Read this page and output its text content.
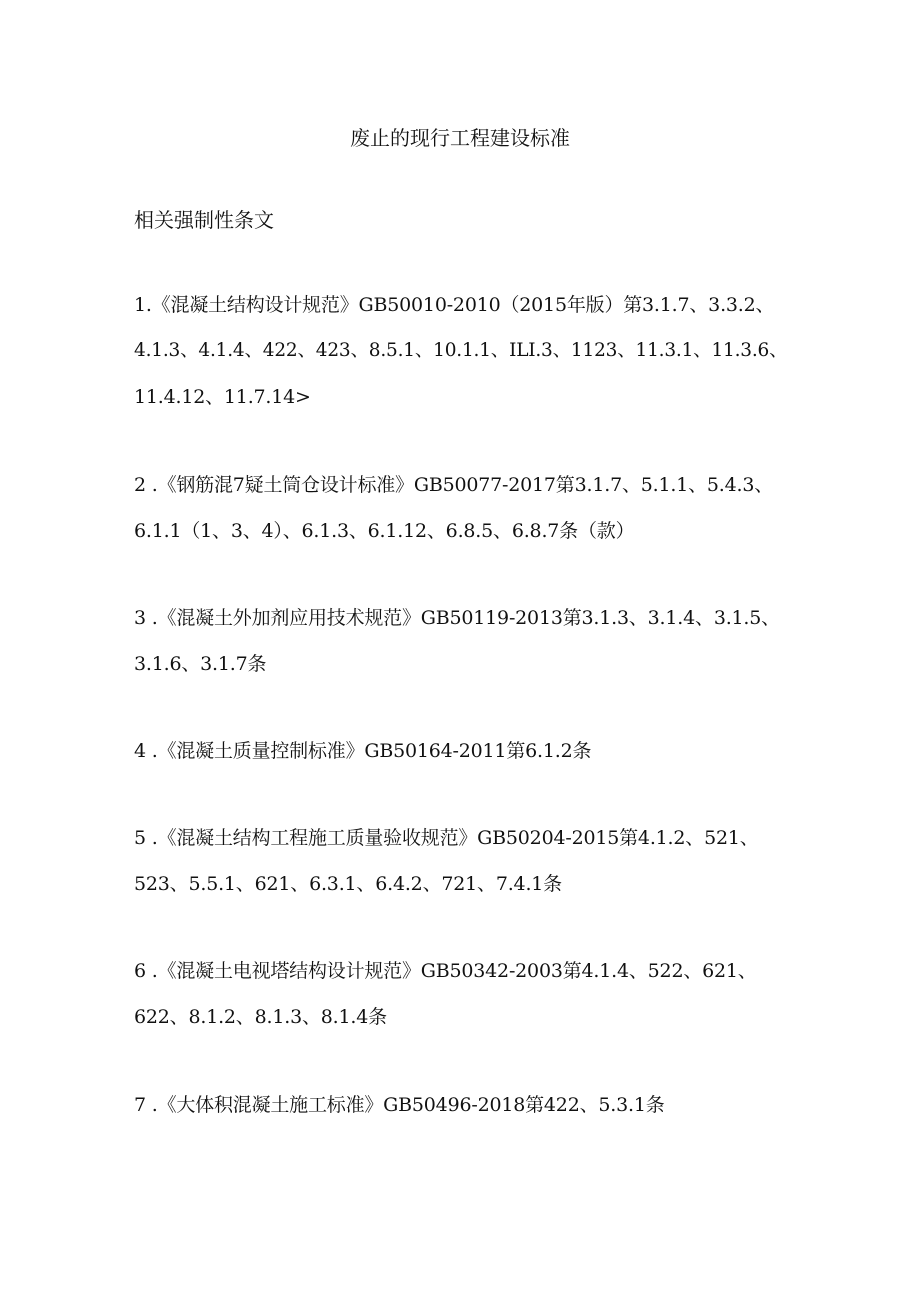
废止的现行工程建设标准
相关强制性条文
1.《混凝土结构设计规范》GB50010-2010（2015年版）第3.1.7、3.3.2、
4.1.3、4.1.4、422、423、8.5.1、10.1.1、ILI.3、1123、11.3.1、11.3.6、
11.4.12、11.7.14>
2 .《钢筋混7疑土筒仓设计标准》GB50077-2017第3.1.7、5.1.1、5.4.3、
6.1.1（1、3、4）、6.1.3、6.1.12、6.8.5、6.8.7条（款）
3 .《混凝土外加剂应用技术规范》GB50119-2013第3.1.3、3.1.4、3.1.5、
3.1.6、3.1.7条
4 .《混凝土质量控制标准》GB50164-2011第6.1.2条
5 .《混凝土结构工程施工质量验收规范》GB50204-2015第4.1.2、521、
523、5.5.1、621、6.3.1、6.4.2、721、7.4.1条
6 .《混凝土电视塔结构设计规范》GB50342-2003第4.1.4、522、621、
622、8.1.2、8.1.3、8.1.4条
7 .《大体积混凝土施工标准》GB50496-2018第422、5.3.1条
